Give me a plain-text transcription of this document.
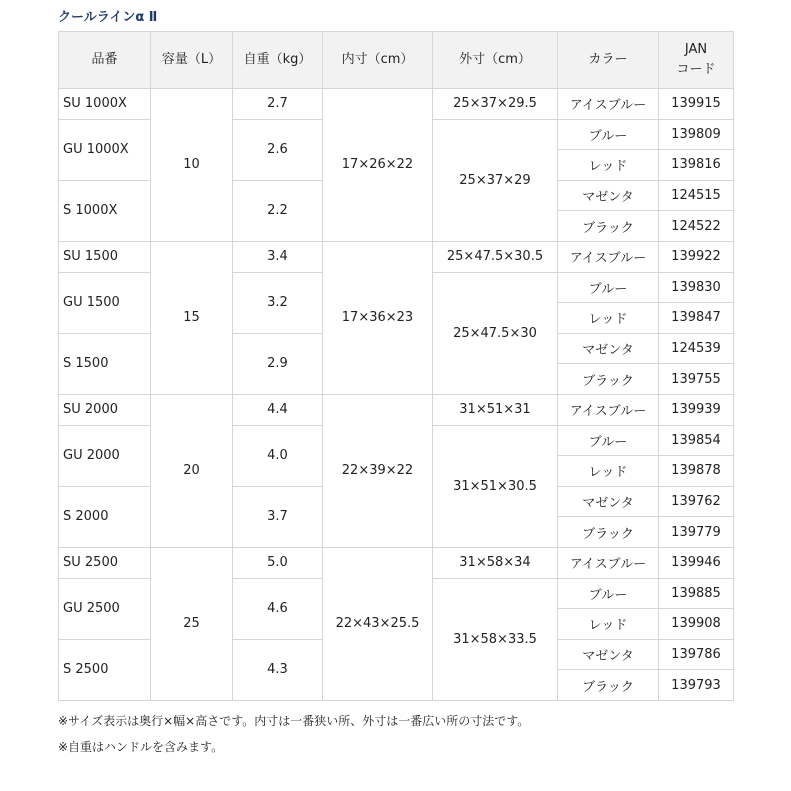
クールラインα Ⅱ
品番	容量（L）	自重（kg）	内寸（cm）	外寸（cm）	カラー	JAN
コード
SU 1000X	10	2.7	17×26×22	25×37×29.5	アイスブルー	139915
GU 1000X		2.6		25×37×29	ブルー	139809
					レッド	139816
S 1000X		2.2			マゼンタ	124515
					ブラック	124522
SU 1500	15	3.4	17×36×23	25×47.5×30.5	アイスブルー	139922
GU 1500		3.2		25×47.5×30	ブルー	139830
					レッド	139847
S 1500		2.9			マゼンタ	124539
					ブラック	139755
SU 2000	20	4.4	22×39×22	31×51×31	アイスブルー	139939
GU 2000		4.0		31×51×30.5	ブルー	139854
					レッド	139878
S 2000		3.7			マゼンタ	139762
					ブラック	139779
SU 2500	25	5.0	22×43×25.5	31×58×34	アイスブルー	139946
GU 2500		4.6		31×58×33.5	ブルー	139885
					レッド	139908
S 2500		4.3			マゼンタ	139786
					ブラック	139793
※サイズ表示は奥行×幅×高さです。内寸は一番狭い所、外寸は一番広い所の寸法です。
※自重はハンドルを含みます。
